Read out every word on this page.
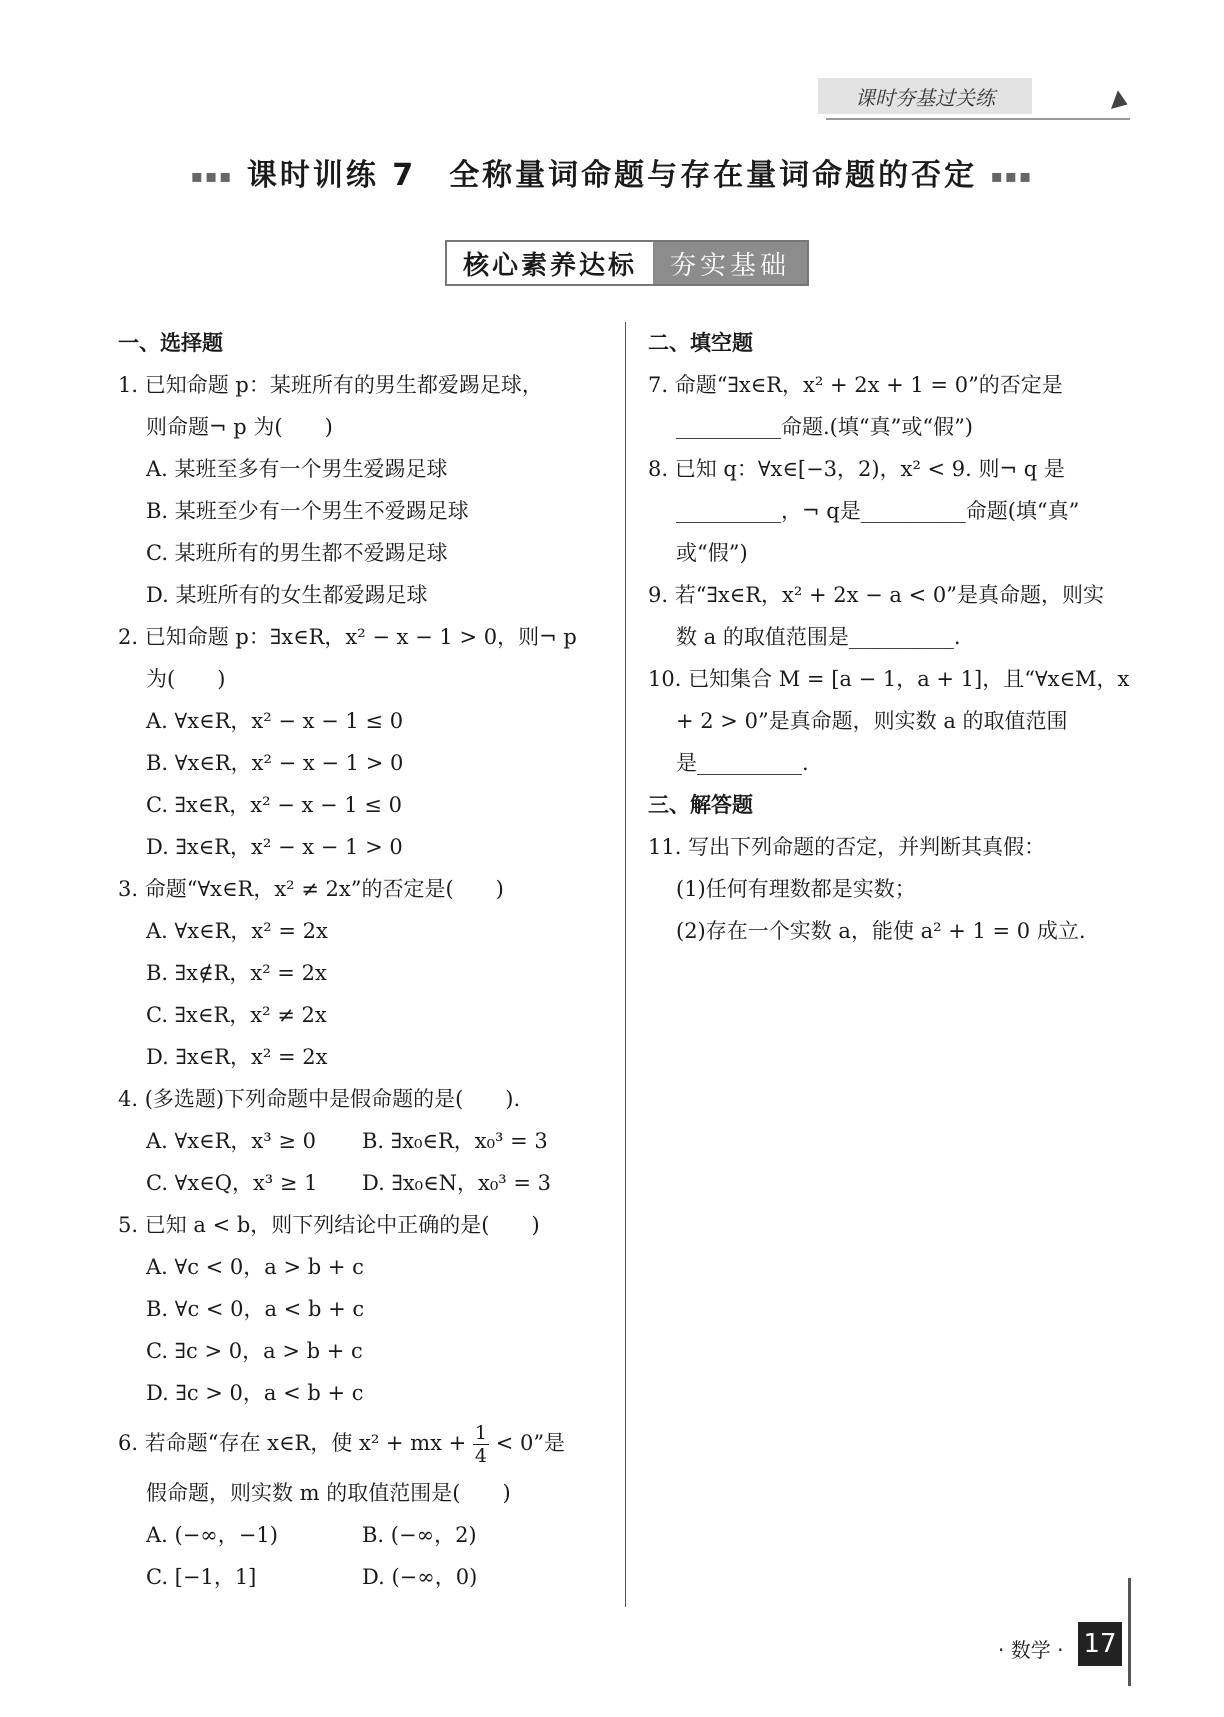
课时夯基过关练
▪▪▪ 课时训练 7　全称量词命题与存在量词命题的否定 ▪▪▪
核心素养达标	夯实基础
一、选择题
1. 已知命题 p：某班所有的男生都爱踢足球，
则命题¬ p 为(　　)
A. 某班至多有一个男生爱踢足球
B. 某班至少有一个男生不爱踢足球
C. 某班所有的男生都不爱踢足球
D. 某班所有的女生都爱踢足球
2. 已知命题 p：∃x∈R，x² − x − 1 > 0，则¬ p
为(　　)
A. ∀x∈R，x² − x − 1 ≤ 0
B. ∀x∈R，x² − x − 1 > 0
C. ∃x∈R，x² − x − 1 ≤ 0
D. ∃x∈R，x² − x − 1 > 0
3. 命题“∀x∈R，x² ≠ 2x”的否定是(　　)
A. ∀x∈R，x² = 2x
B. ∃x∉R，x² = 2x
C. ∃x∈R，x² ≠ 2x
D. ∃x∈R，x² = 2x
4. (多选题)下列命题中是假命题的是(　　).
A. ∀x∈R，x³ ≥ 0	B. ∃x₀∈R，x₀³ = 3
C. ∀x∈Q，x³ ≥ 1	D. ∃x₀∈N，x₀³ = 3
5. 已知 a < b，则下列结论中正确的是(　　)
A. ∀c < 0，a > b + c
B. ∀c < 0，a < b + c
C. ∃c > 0，a > b + c
D. ∃c > 0，a < b + c
6. 若命题“存在 x∈R，使 x² + mx + $\frac{1}{4} < 0$”是
假命题，则实数 m 的取值范围是(　　)
A. (−∞，−1)	B. (−∞，2)
C. [−1，1]	D. (−∞，0)
二、填空题
7. 命题“∃x∈R，x² + 2x + 1 = 0”的否定是
__________命题.(填“真”或“假”)
8. 已知 q：∀x∈[−3，2)，x² < 9. 则¬ q 是
__________，¬ q是__________命题(填“真”
或“假”)
9. 若“∃x∈R，x² + 2x − a < 0”是真命题，则实
数 a 的取值范围是__________.
10. 已知集合 M = [a − 1，a + 1]，且“∀x∈M，x
+ 2 > 0”是真命题，则实数 a 的取值范围
是__________.
三、解答题
11. 写出下列命题的否定，并判断其真假：
(1)任何有理数都是实数；
(2)存在一个实数 a，能使 a² + 1 = 0 成立.
· 数学 · 17
